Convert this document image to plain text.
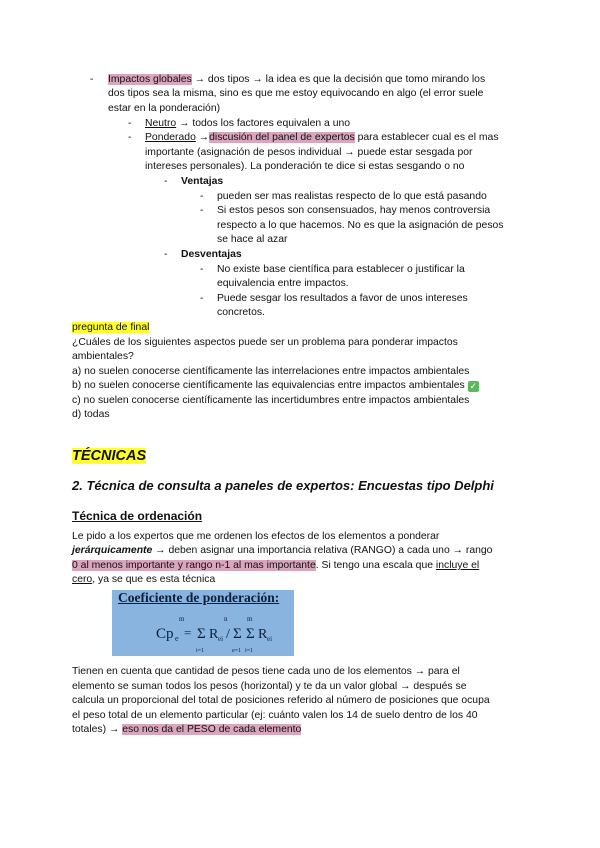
- Impactos globales → dos tipos → la idea es que la decisión que tomo mirando los
dos tipos sea la misma, sino es que me estoy equivocando en algo (el error suele
estar en la ponderación)
- Neutro → todos los factores equivalen a uno
- Ponderado →discusión del panel de expertos para establecer cual es el mas
importante (asignación de pesos individual → puede estar sesgada por
intereses personales). La ponderación te dice si estas sesgando o no
- Ventajas
- pueden ser mas realistas respecto de lo que está pasando
- Si estos pesos son consensuados, hay menos controversia
respecto a lo que hacemos. No es que la asignación de pesos
se hace al azar
- Desventajas
- No existe base científica para establecer o justificar la
equivalencia entre impactos.
- Puede sesgar los resultados a favor de unos intereses
concretos.
pregunta de final
¿Cuáles de los siguientes aspectos puede ser un problema para ponderar impactos
ambientales?
a) no suelen conocerse científicamente las interrelaciones entre impactos ambientales
b) no suelen conocerse científicamente las equivalencias entre impactos ambientales ✓
c) no suelen conocerse científicamente las incertidumbres entre impactos ambientales
d) todas
TÉCNICAS
2. Técnica de consulta a paneles de expertos: Encuestas tipo Delphi
Técnica de ordenación
Le pido a los expertos que me ordenen los efectos de los elementos a ponderar
jerárquicamente → deben asignar una importancia relativa (RANGO) a cada uno → rango
0 al menos importante y rango n-1 al mas importante. Si tengo una escala que incluye el
cero, ya se que es esta técnica
Coeficiente de ponderación:
m	n	m
Cp e = Σ R ei / Σ Σ R ei
i=1	e=1 i=1
Tienen en cuenta que cantidad de pesos tiene cada uno de los elementos → para el
elemento se suman todos los pesos (horizontal) y te da un valor global → después se
calcula un proporcional del total de posiciones referido al número de posiciones que ocupa
el peso total de un elemento particular (ej: cuánto valen los 14 de suelo dentro de los 40
totales) → eso nos da el PESO de cada elemento
